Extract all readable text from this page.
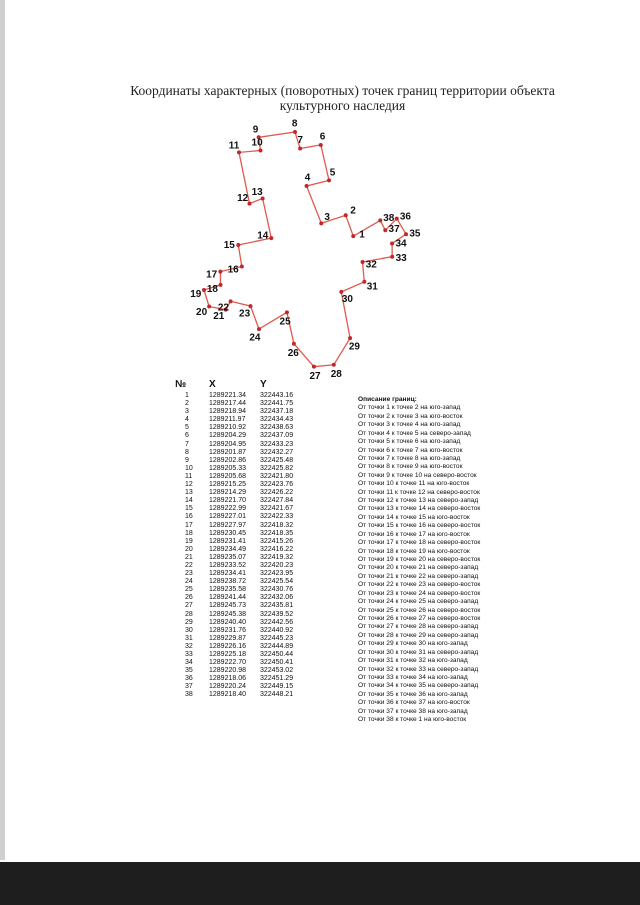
Координаты характерных (поворотных) точек границ территории объекта культурного наследия
1
2
3
4 5
6
7
8
9
10
11
12
13
14
15
16
17
18
19
20 21
22
23
24
25
26
27 28
29
30
31
32
33
34
35
36
37
38
№	X	Y
1	1289221.34	322443.16
2	1289217.44	322441.75
3	1289218.94	322437.18
4	1289211.97	322434.43
5	1289210.92	322438.63
6	1289204.29	322437.09
7	1289204.95	322433.23
8	1289201.87	322432.27
9	1289202.86	322425.48
10	1289205.33	322425.82
11	1289205.68	322421.80
12	1289215.25	322423.76
13	1289214.29	322426.22
14	1289221.70	322427.84
15	1289222.99	322421.67
16	1289227.01	322422.33
17	1289227.97	322418.32
18	1289230.45	322418.35
19	1289231.41	322415.26
20	1289234.49	322416.22
21	1289235.07	322419.32
22	1289233.52	322420.23
23	1289234.41	322423.95
24	1289238.72	322425.54
25	1289235.58	322430.76
26	1289241.44	322432.06
27	1289245.73	322435.81
28	1289245.38	322439.52
29	1289240.40	322442.56
30	1289231.76	322440.92
31	1289229.87	322445.23
32	1289226.16	322444.89
33	1289225.18	322450.44
34	1289222.70	322450.41
35	1289220.98	322453.02
36	1289218.06	322451.29
37	1289220.24	322449.15
38	1289218.40	322448.21
Описание границ:
От точки 1 к точке 2 на юго-запад
От точки 2 к точке 3 на юго-восток
От точки 3 к точке 4 на юго-запад
От точки 4 к точке 5 на северо-запад
От точки 5 к точке 6 на юго-запад
От точки 6 к точке 7 на юго-восток
От точки 7 к точке 8 на юго-запад
От точки 8 к точке 9 на юго-восток
От точки 9 к точке 10 на северо-восток
От точки 10 к точке 11 на юго-восток
От точки 11 к точке 12 на северо-восток
От точки 12 к точке 13 на северо-запад
От точки 13 к точке 14 на северо-восток
От точки 14 к точке 15 на юго-восток
От точки 15 к точке 16 на северо-восток
От точки 16 к точке 17 на юго-восток
От точки 17 к точке 18 на северо-восток
От точки 18 к точке 19 на юго-восток
От точки 19 к точке 20 на северо-восток
От точки 20 к точке 21 на северо-запад
От точки 21 к точке 22 на северо-запад
От точки 22 к точке 23 на северо-восток
От точки 23 к точке 24 на северо-восток
От точки 24 к точке 25 на северо-запад
От точки 25 к точке 26 на северо-восток
От точки 26 к точке 27 на северо-восток
От точки 27 к точке 28 на северо-запад
От точки 28 к точке 29 на северо-запад
От точки 29 к точке 30 на юго-запад
От точки 30 к точке 31 на северо-запад
От точки 31 к точке 32 на юго-запад
От точки 32 к точке 33 на северо-запад
От точки 33 к точке 34 на юго-запад
От точки 34 к точке 35 на северо-запад
От точки 35 к точке 36 на юго-запад
От точки 36 к точке 37 на юго-восток
От точки 37 к точке 38 на юго-запад
От точки 38 к точке 1 на юго-восток
